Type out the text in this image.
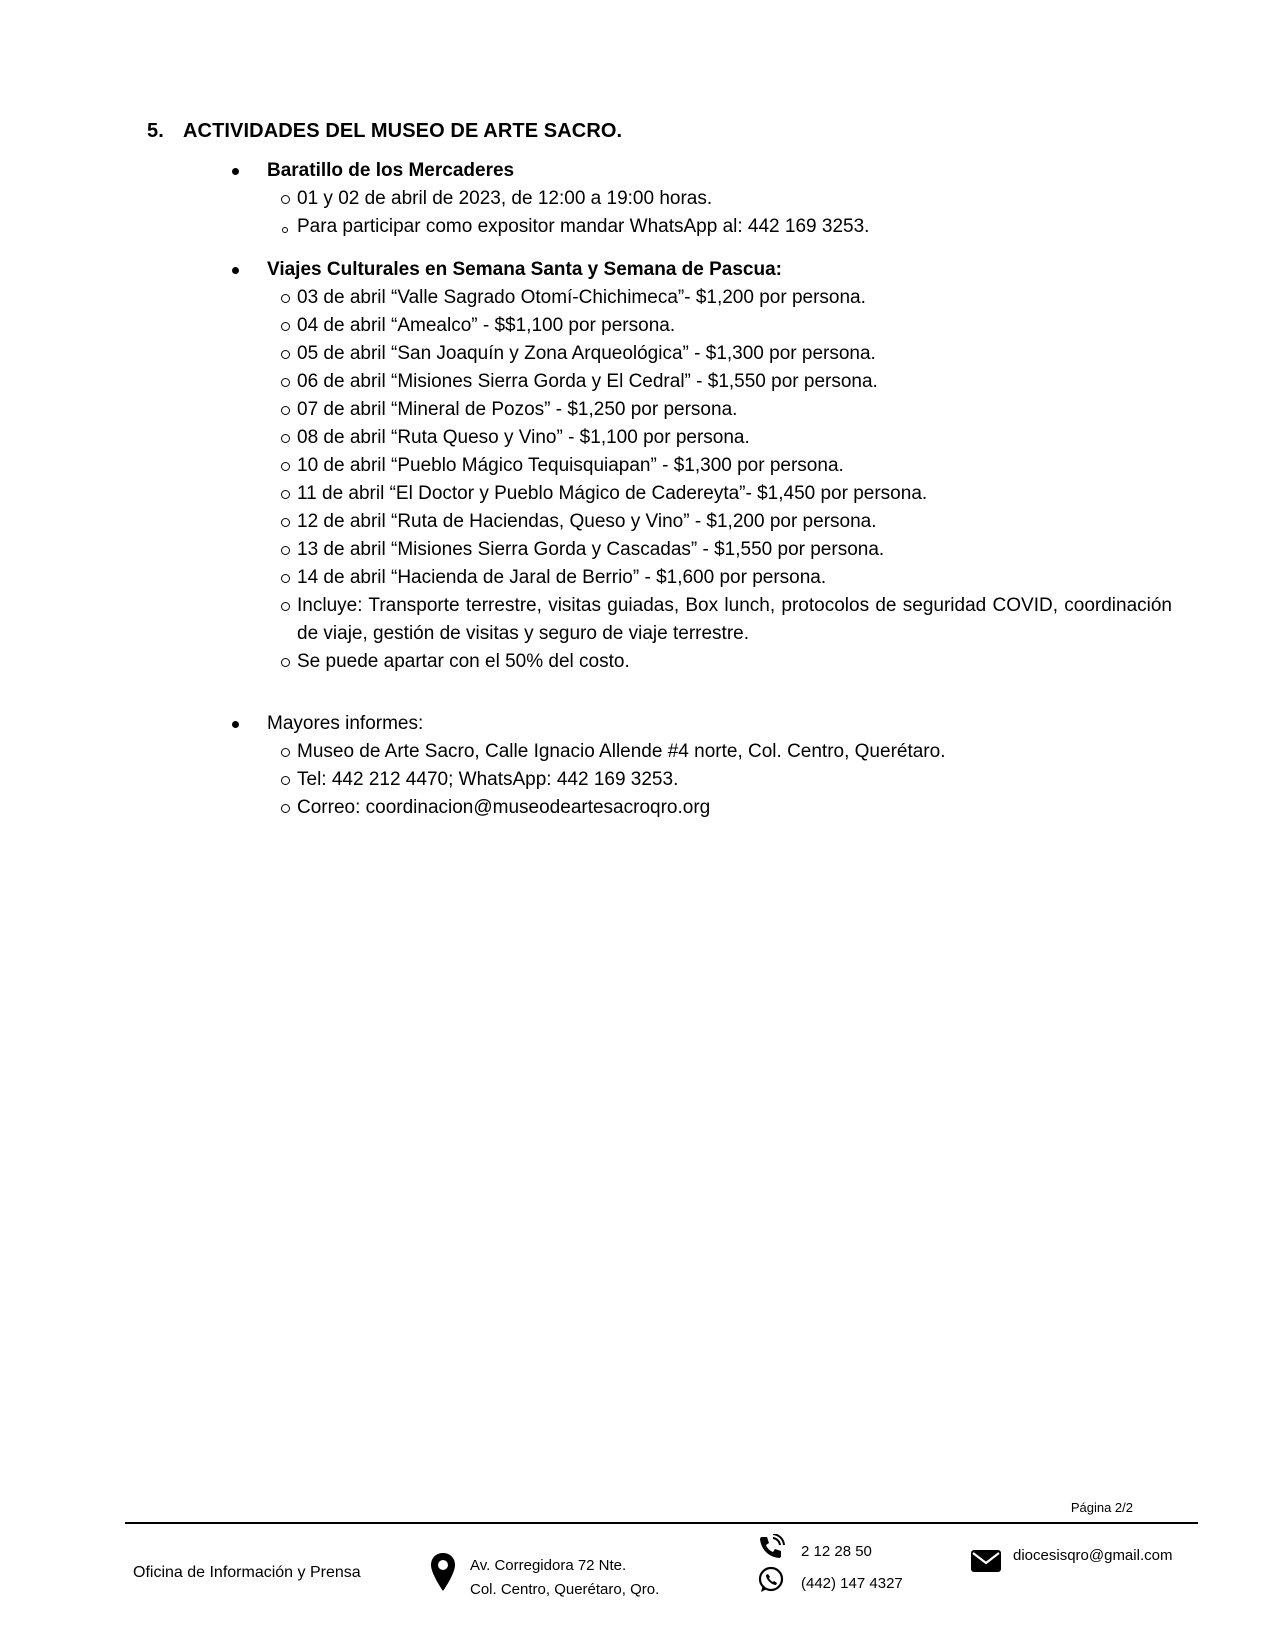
5. ACTIVIDADES DEL MUSEO DE ARTE SACRO.
Baratillo de los Mercaderes
01 y 02 de abril de 2023, de 12:00 a 19:00 horas.
Para participar como expositor mandar WhatsApp al: 442 169 3253.
Viajes Culturales en Semana Santa y Semana de Pascua:
03 de abril “Valle Sagrado Otomí-Chichimeca”- $1,200 por persona.
04 de abril “Amealco” - $$1,100 por persona.
05 de abril “San Joaquín y Zona Arqueológica” - $1,300 por persona.
06 de abril “Misiones Sierra Gorda y El Cedral” - $1,550 por persona.
07 de abril “Mineral de Pozos” - $1,250 por persona.
08 de abril “Ruta Queso y Vino” - $1,100 por persona.
10 de abril “Pueblo Mágico Tequisquiapan” - $1,300 por persona.
11 de abril “El Doctor y Pueblo Mágico de Cadereyta”- $1,450 por persona.
12 de abril “Ruta de Haciendas, Queso y Vino” - $1,200 por persona.
13 de abril “Misiones Sierra Gorda y Cascadas” - $1,550 por persona.
14 de abril “Hacienda de Jaral de Berrio” - $1,600 por persona.
Incluye: Transporte terrestre, visitas guiadas, Box lunch, protocolos de seguridad COVID, coordinación de viaje, gestión de visitas y seguro de viaje terrestre.
Se puede apartar con el 50% del costo.
Mayores informes:
Museo de Arte Sacro, Calle Ignacio Allende #4 norte, Col. Centro, Querétaro.
Tel: 442 212 4470; WhatsApp: 442 169 3253.
Correo: coordinacion@museodeartesacroqro.org
Página 2/2
Oficina de Información y Prensa	Av. Corregidora 72 Nte.
Col. Centro, Querétaro, Qro.
2 12 28 50
(442) 147 4327
diocesisqro@gmail.com
